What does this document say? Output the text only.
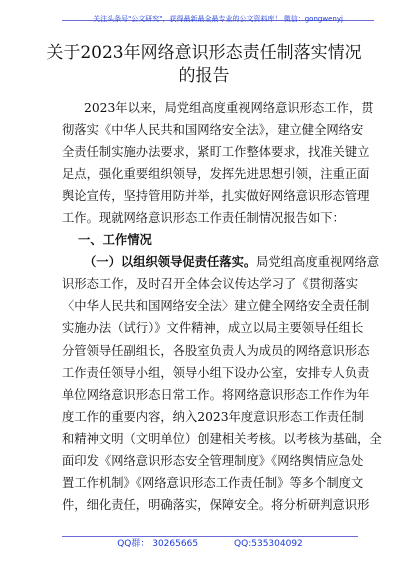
关注头条号"公文研究"，获得最新最全最专业的公文资料库！ 微信：gongwenyj
关于2023年网络意识形态责任制落实情况
的报告
2023年以来，局党组高度重视网络意识形态工作，贯
彻落实《中华人民共和国网络安全法》，建立健全网络安
全责任制实施办法要求，紧盯工作整体要求，找准关键立
足点，强化重要组织领导，发挥先进思想引领，注重正面
舆论宣传，坚持管用防并举，扎实做好网络意识形态管理
工作。现就网络意识形态工作责任制情况报告如下：
一、工作情况
（一）以组织领导促责任落实。局党组高度重视网络意
识形态工作，及时召开全体会议传达学习了《贯彻落实
〈中华人民共和国网络安全法〉建立健全网络安全责任制
实施办法（试行）》文件精神，成立以局主要领导任组长
分管领导任副组长，各股室负责人为成员的网络意识形态
工作责任领导小组，领导小组下设办公室，安排专人负责
单位网络意识形态日常工作。将网络意识形态工作作为年
度工作的重要内容，纳入2023年度意识形态工作责任制
和精神文明（文明单位）创建相关考核。以考核为基础，全
面印发《网络意识形态安全管理制度》《网络舆情应急处
置工作机制》《网络意识形态工作责任制》等多个制度文
件，细化责任，明确落实，保障安全。将分析研判意识形
QQ群： 30265665	QQ:535304092
